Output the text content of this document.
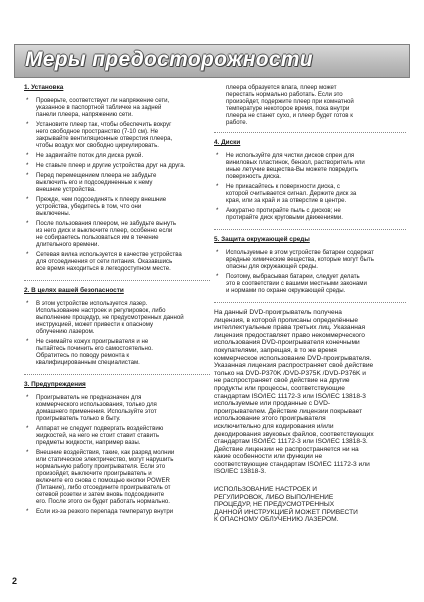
Меры предосторожности
1. Установка
* Проверьте, соответствует ли напряжение сети,
указанное в паспортной табличке на задней
панели плеера, напряжению сети.
* Установите плеер так, чтобы обеспечить вокруг
него свободное пространство (7-10 см). Не
закрывайте вентиляционные отверстия плеера,
чтобы воздух мог свободно циркулировать.
* Не задвигайте поток для диска рукой.
* Не ставьте плеер и другие устройства друг на друга.
* Перед перемещением плеера не забудьте
выключить его и подсоединенные к нему
внешние устройства.
* Прежде, чем подсоединять к плееру внешние
устройства, убедитесь в том, что они
выключены.
* После пользования плеером, не забудьте вынуть
из него диск и выключите плеер, особенно если
не собираетесь пользоваться им в течение
длительного времени.
* Сетевая вилка используется в качестве устройства
для отсоединения от сети питания. Оказавшись
все время находиться в легкодоступном месте.
2. В целях вашей безопасности
* В этом устройстве используется лазер.
Использование настроек и регулировок, либо
выполнение процедур, не предусмотренных данной
инструкцией, может привести к опасному
облучению лазером.
* Не снимайте кожух проигрывателя и не
пытайтесь починить его самостоятельно.
Обратитесь по поводу ремонта к
квалифицированным специалистам.
3. Предупреждения
* Проигрыватель не предназначен для
коммерческого использования, только для
домашнего применения. Используйте этот
проигрыватель только в быту.
* Аппарат не следует подвергать воздействию
жидкостей, на него не стоит ставит ставить
предметы жидкости, например вазы.
* Внешние воздействия, такие, как разряд молнии
или статическое электричество, могут нарушить
нормальную работу проигрывателя. Если это
произойдет, выключите проигрыватель и
включите его снова с помощью кнопки POWER
(Питание), либо отсоедините проигрыватель от
сетевой розетки и затем вновь подсоедините
его. После этого он будет работать нормально.
* Если из-за резкого перепада температур внутри
плеера образуется влага, плеер может
перестать нормально работать. Если это
произойдет, подержите плеер при комнатной
температуре некоторое время, пока внутри
плеера не станет сухо, и плеер будет готов к
работе.
4. Диски
* Не используйте для чистки дисков спреи для
виниловых пластинок, бензол, растворитель или
иные летучие вещества-Вы можете повредить
поверхность диска.
* Не прикасайтесь к поверхности диска, с
которой считывается сигнал. Держите диск за
края, или за край и за отверстие в центре.
* Аккуратно протирайте пыль с дисков; не
протирайте диск круговыми движениями.
5. Защита окружающей среды
* Используемые в этом устройстве батареи содержат
вредные химические вещества, которые могут быть
опасны для окружающей среды.
* Поэтому, выбрасывая батареи, следует делать
это в соответствии с вашими местными законами
и нормами по охране окружающей среды.
На данный DVD-проигрыватель получена
лицензия, в которой прописаны определённые
интеллектуальные права третьих лиц. Указанная
лицензия предоставляет право некоммерческого
использования DVD-проигрывателя конечными
покупателями, запрещая, в то же время
коммерческое использование DVD-проигрывателя.
Указанная лицензия распространяет своё действие
только на DVD-P370K /DVD-P375K /DVD-P376K и
не распространяет своё действие на другие
продукты или процессы, соответствующие
стандартам ISO/IEC 11172-3 или ISO/IEC 13818-3
используемые или проданные с DVD-
проигрывателем. Действие лицензии покрывает
использование этого проигрывателя
исключительно для кодирования и/или
декодирования звуковых файлов, соответствующих
стандартам ISO/IEC 11172-3 или ISO/IEC 13818-3.
Действие лицензии не распространяется ни на
какие особенности или функции не
соответствующие стандартам ISO/IEC 11172-3 или
ISO/IEC 13818-3.
ИСПОЛЬЗОВАНИЕ НАСТРОЕК И
РЕГУЛИРОВОК, ЛИБО ВЫПОЛНЕНИЕ
ПРОЦЕДУР, НЕ ПРЕДУСМОТРЕННЫХ
ДАННОЙ ИНСТРУКЦИЕЙ МОЖЕТ ПРИВЕСТИ
К ОПАСНОМУ ОБЛУЧЕНИЮ ЛАЗЕРОМ.
2
